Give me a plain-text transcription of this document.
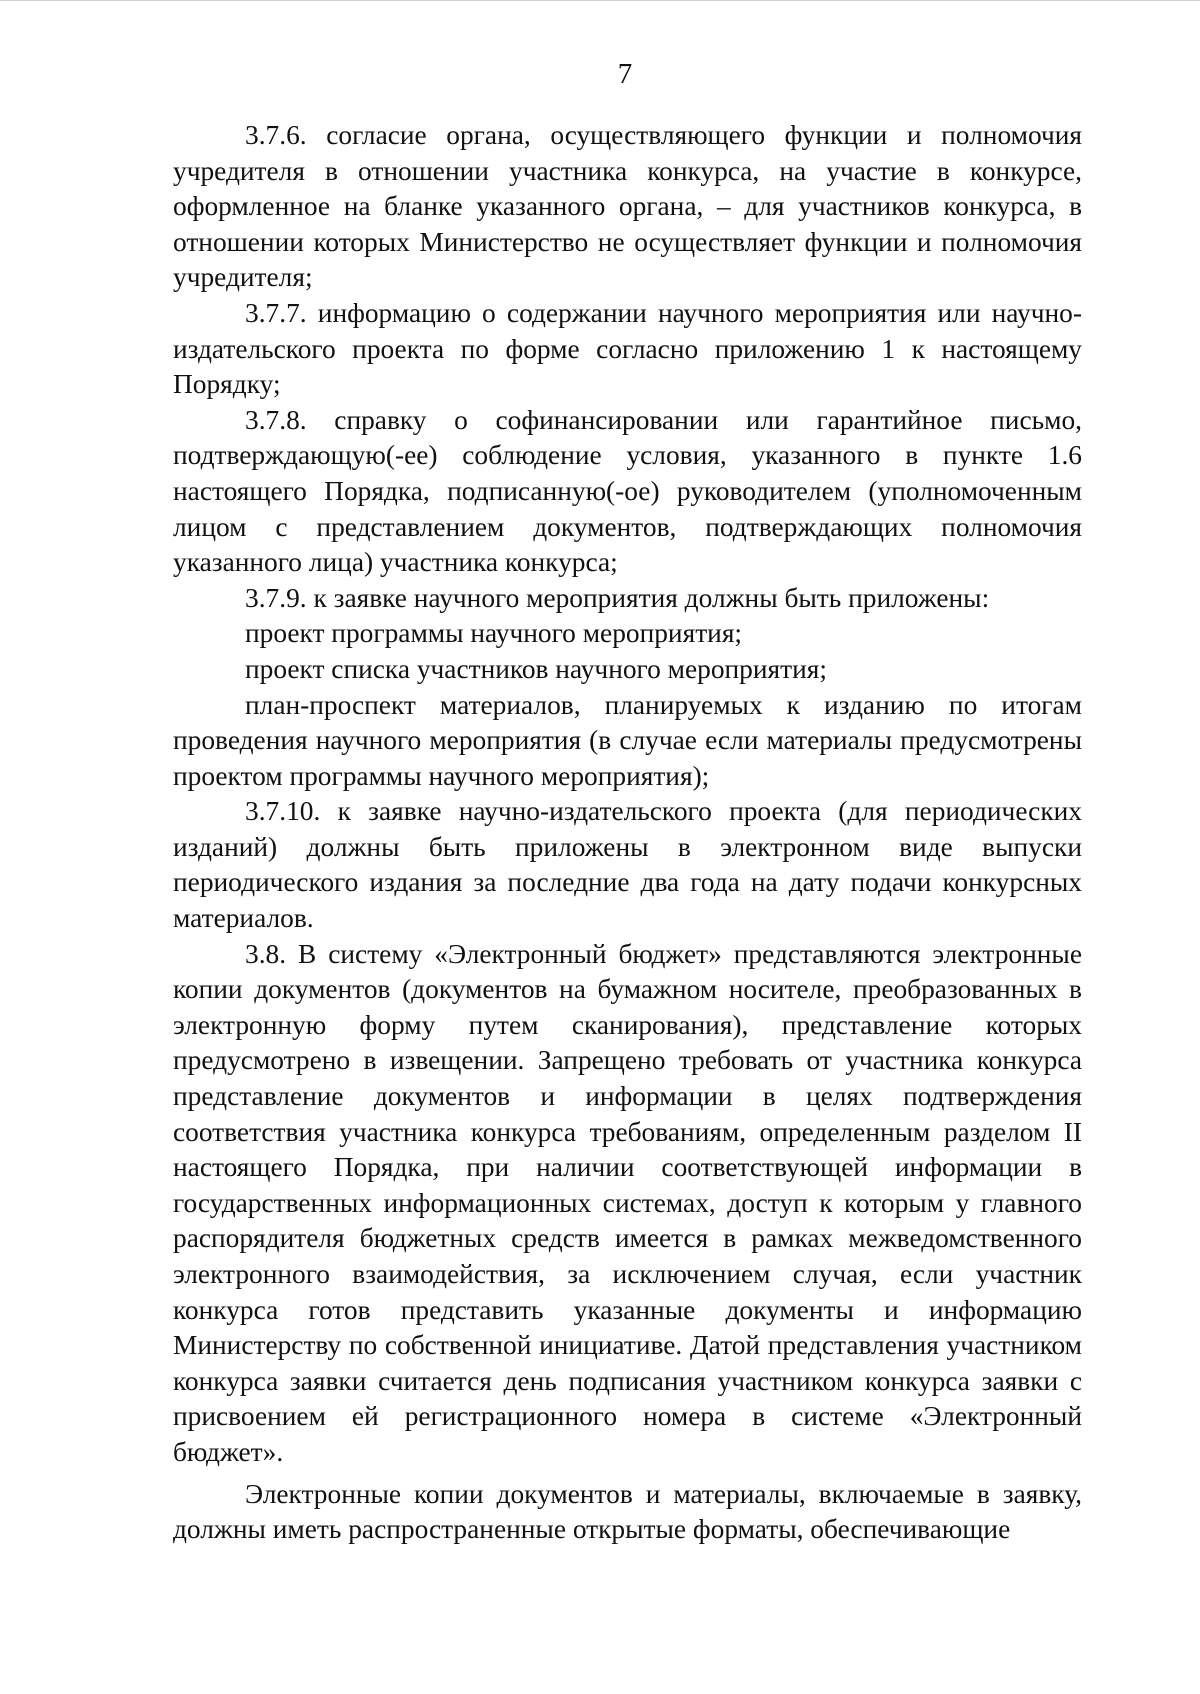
7

3.7.6. согласие органа, осуществляющего функции и полномочия учредителя в отношении участника конкурса, на участие в конкурсе, оформленное на бланке указанного органа, – для участников конкурса, в отношении которых Министерство не осуществляет функции и полномочия учредителя;

3.7.7. информацию о содержании научного мероприятия или научно-издательского проекта по форме согласно приложению 1 к настоящему Порядку;

3.7.8. справку о софинансировании или гарантийное письмо, подтверждающую(-ее) соблюдение условия, указанного в пункте 1.6 настоящего Порядка, подписанную(-ое) руководителем (уполномоченным лицом с представлением документов, подтверждающих полномочия указанного лица) участника конкурса;

3.7.9. к заявке научного мероприятия должны быть приложены:

проект программы научного мероприятия;

проект списка участников научного мероприятия;

план-проспект материалов, планируемых к изданию по итогам проведения научного мероприятия (в случае если материалы предусмотрены проектом программы научного мероприятия);

3.7.10. к заявке научно-издательского проекта (для периодических изданий) должны быть приложены в электронном виде выпуски периодического издания за последние два года на дату подачи конкурсных материалов.

3.8. В систему «Электронный бюджет» представляются электронные копии документов (документов на бумажном носителе, преобразованных в электронную форму путем сканирования), представление которых предусмотрено в извещении. Запрещено требовать от участника конкурса представление документов и информации в целях подтверждения соответствия участника конкурса требованиям, определенным разделом II настоящего Порядка, при наличии соответствующей информации в государственных информационных системах, доступ к которым у главного распорядителя бюджетных средств имеется в рамках межведомственного электронного взаимодействия, за исключением случая, если участник конкурса готов представить указанные документы и информацию Министерству по собственной инициативе. Датой представления участником конкурса заявки считается день подписания участником конкурса заявки с присвоением ей регистрационного номера в системе «Электронный бюджет».

Электронные копии документов и материалы, включаемые в заявку, должны иметь распространенные открытые форматы, обеспечивающие
